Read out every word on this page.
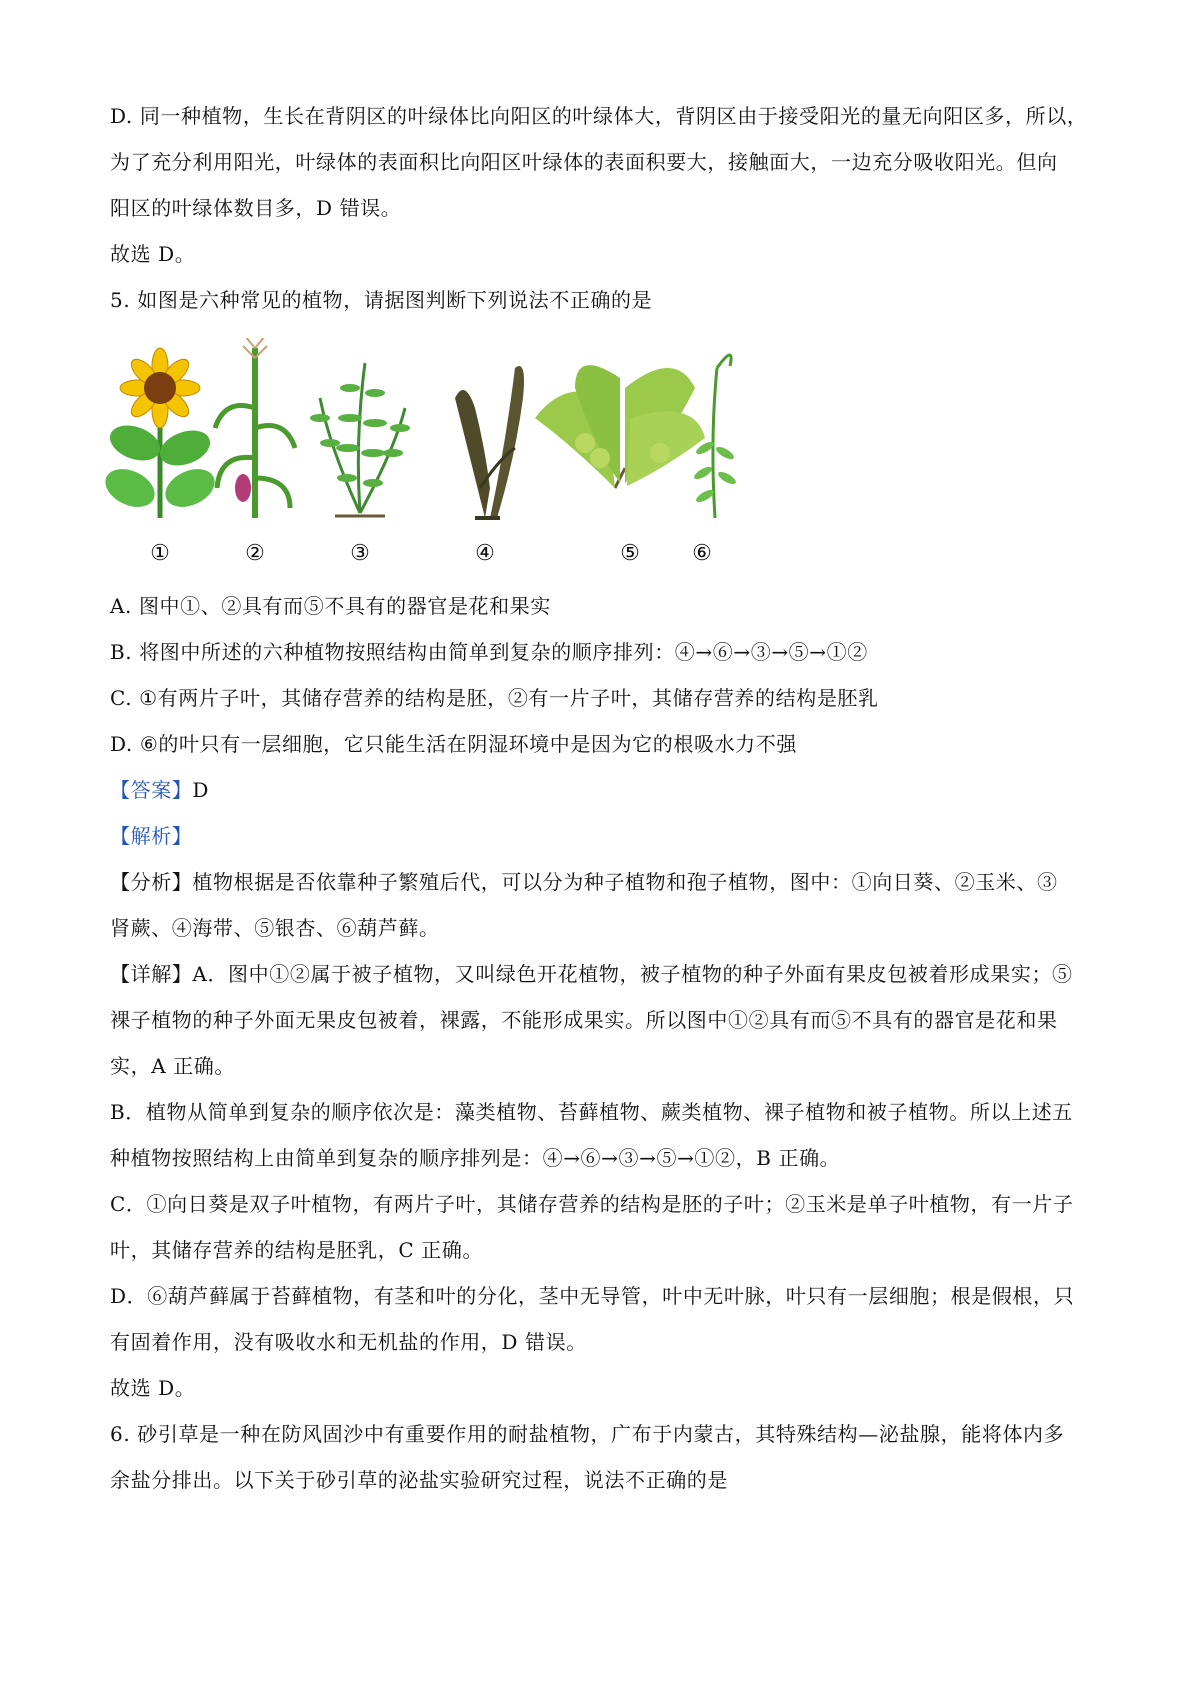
D. 同一种植物，生长在背阴区的叶绿体比向阳区的叶绿体大，背阴区由于接受阳光的量无向阳区多，所以，
为了充分利用阳光，叶绿体的表面积比向阳区叶绿体的表面积要大，接触面大，一边充分吸收阳光。但向
阳区的叶绿体数目多，D 错误。
故选 D。
5. 如图是六种常见的植物，请据图判断下列说法不正确的是
①	②	③	④	⑤ ⑥
A. 图中①、②具有而⑤不具有的器官是花和果实
B. 将图中所述的六种植物按照结构由简单到复杂的顺序排列：④→⑥→③→⑤→①②
C. ①有两片子叶，其储存营养的结构是胚，②有一片子叶，其储存营养的结构是胚乳
D. ⑥的叶只有一层细胞，它只能生活在阴湿环境中是因为它的根吸水力不强
【答案】D
【解析】
【分析】植物根据是否依靠种子繁殖后代，可以分为种子植物和孢子植物，图中：①向日葵、②玉米、③
肾蕨、④海带、⑤银杏、⑥葫芦藓。
【详解】A．图中①②属于被子植物，又叫绿色开花植物，被子植物的种子外面有果皮包被着形成果实；⑤
裸子植物的种子外面无果皮包被着，裸露，不能形成果实。所以图中①②具有而⑤不具有的器官是花和果
实，A 正确。
B．植物从简单到复杂的顺序依次是：藻类植物、苔藓植物、蕨类植物、裸子植物和被子植物。所以上述五
种植物按照结构上由简单到复杂的顺序排列是：④→⑥→③→⑤→①②，B 正确。
C．①向日葵是双子叶植物，有两片子叶，其储存营养的结构是胚的子叶；②玉米是单子叶植物，有一片子
叶，其储存营养的结构是胚乳，C 正确。
D．⑥葫芦藓属于苔藓植物，有茎和叶的分化，茎中无导管，叶中无叶脉，叶只有一层细胞；根是假根，只
有固着作用，没有吸收水和无机盐的作用，D 错误。
故选 D。
6. 砂引草是一种在防风固沙中有重要作用的耐盐植物，广布于内蒙古，其特殊结构—泌盐腺，能将体内多
余盐分排出。以下关于砂引草的泌盐实验研究过程，说法不正确的是
